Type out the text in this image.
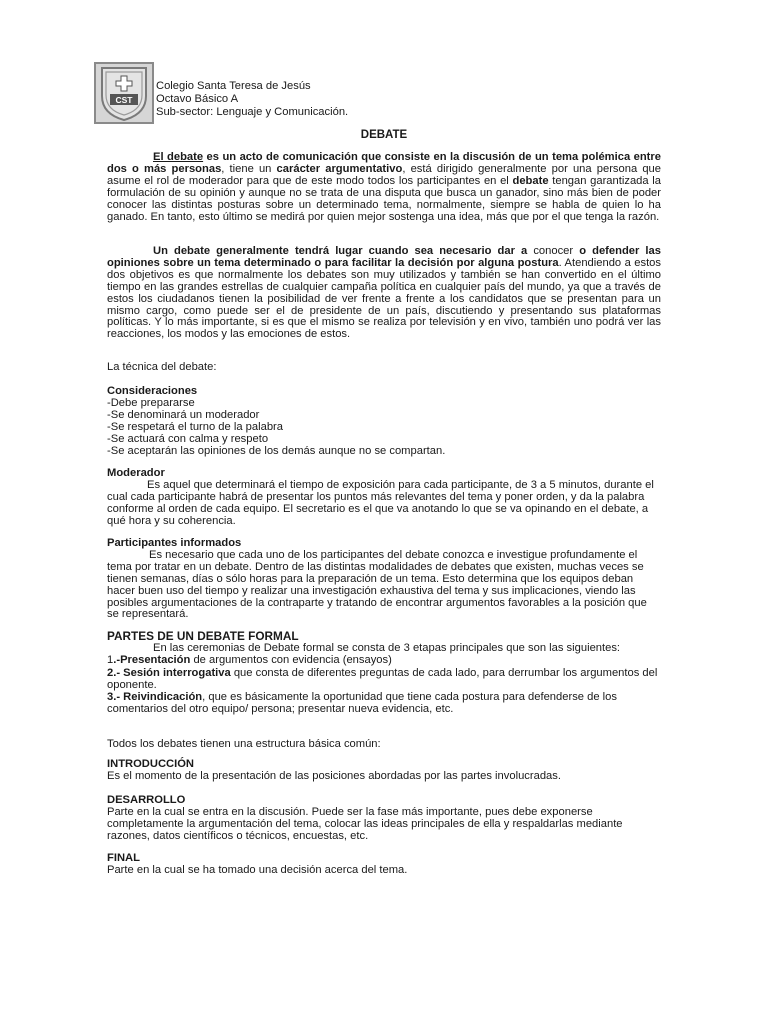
CST
Colegio Santa Teresa de Jesús
Octavo Básico A
Sub-sector: Lenguaje y Comunicación.
DEBATE

El debate es un acto de comunicación que consiste en la discusión de un tema polémica entre dos o más personas, tiene un carácter argumentativo, está dirigido generalmente por una persona que asume el rol de moderador para que de este modo todos los participantes en el debate tengan garantizada la formulación de su opinión y aunque no se trata de una disputa que busca un ganador, sino más bien de poder conocer las distintas posturas sobre un determinado tema, normalmente, siempre se habla de quien lo ha ganado. En tanto, esto último se medirá por quien mejor sostenga una idea, más que por el que tenga la razón.

Un debate generalmente tendrá lugar cuando sea necesario dar a conocer o defender las opiniones sobre un tema determinado o para facilitar la decisión por alguna postura. Atendiendo a estos dos objetivos es que normalmente los debates son muy utilizados y también se han convertido en el último tiempo en las grandes estrellas de cualquier campaña política en cualquier país del mundo, ya que a través de estos los ciudadanos tienen la posibilidad de ver frente a frente a los candidatos que se presentan para un mismo cargo, como puede ser el de presidente de un país, discutiendo y presentando sus plataformas políticas. Y lo más importante, si es que el mismo se realiza por televisión y en vivo, también uno podrá ver las reacciones, los modos y las emociones de estos.

La técnica del debate:

Consideraciones
-Debe prepararse
-Se denominará un moderador
-Se respetará el turno de la palabra
-Se actuará con calma y respeto
-Se aceptarán las opiniones de los demás aunque no se compartan.
Moderador

Es aquel que determinará el tiempo de exposición para cada participante, de 3 a 5 minutos, durante el cual cada participante habrá de presentar los puntos más relevantes del tema y poner orden, y da la palabra conforme al orden de cada equipo. El secretario es el que va anotando lo que se va opinando en el debate, a qué hora y su coherencia.

Participantes informados

Es necesario que cada uno de los participantes del debate conozca e investigue profundamente el tema por tratar en un debate. Dentro de las distintas modalidades de debates que existen, muchas veces se tienen semanas, días o sólo horas para la preparación de un tema. Esto determina que los equipos deban hacer buen uso del tiempo y realizar una investigación exhaustiva del tema y sus implicaciones, viendo las posibles argumentaciones de la contraparte y tratando de encontrar argumentos favorables a la posición que se representará.

PARTES DE UN DEBATE FORMAL

En las ceremonias de Debate formal se consta de 3 etapas principales que son las siguientes:

1.-Presentación de argumentos con evidencia (ensayos)

2.- Sesión interrogativa que consta de diferentes preguntas de cada lado, para derrumbar los argumentos del oponente.

3.- Reivindicación, que es básicamente la oportunidad que tiene cada postura para defenderse de los comentarios del otro equipo/ persona; presentar nueva evidencia, etc.

Todos los debates tienen una estructura básica común:

INTRODUCCIÓN

Es el momento de la presentación de las posiciones abordadas por las partes involucradas.

DESARROLLO

Parte en la cual se entra en la discusión. Puede ser la fase más importante, pues debe exponerse completamente la argumentación del tema, colocar las ideas principales de ella y respaldarlas mediante razones, datos científicos o técnicos, encuestas, etc.

FINAL

Parte en la cual se ha tomado una decisión acerca del tema.
